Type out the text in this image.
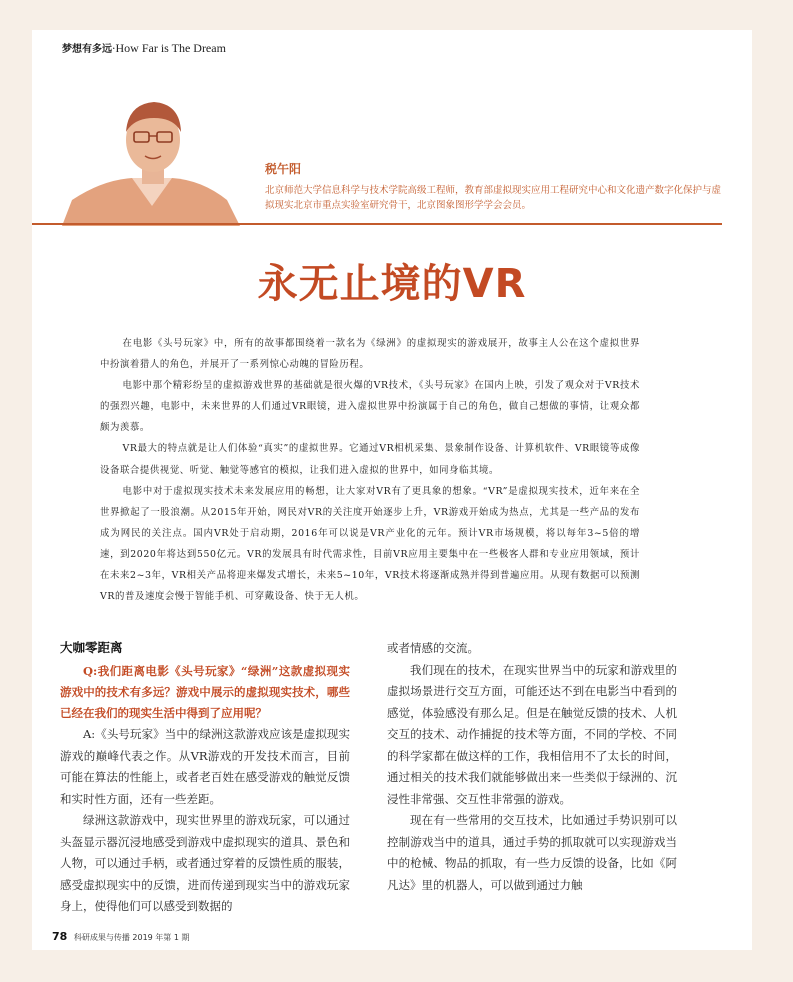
梦想有多远·How Far is The Dream

税午阳

北京师范大学信息科学与技术学院高级工程师，教育部虚拟现实应用工程研究中心和文化遗产数字化保护与虚拟现实北京市重点实验室研究骨干，北京图象图形学学会会员。

永无止境的VR

在电影《头号玩家》中，所有的故事都围绕着一款名为《绿洲》的虚拟现实的游戏展开，故事主人公在这个虚拟世界中扮演着猎人的角色，并展开了一系列惊心动魄的冒险历程。

电影中那个精彩纷呈的虚拟游戏世界的基础就是很火爆的VR技术，《头号玩家》在国内上映，引发了观众对于VR技术的强烈兴趣，电影中，未来世界的人们通过VR眼镜，进入虚拟世界中扮演属于自己的角色，做自己想做的事情，让观众都颇为羡慕。

VR最大的特点就是让人们体验“真实”的虚拟世界。它通过VR相机采集、景象制作设备、计算机软件、VR眼镜等成像设备联合提供视觉、听觉、触觉等感官的模拟，让我们进入虚拟的世界中，如同身临其境。

电影中对于虚拟现实技术未来发展应用的畅想，让大家对VR有了更具象的想象。“VR”是虚拟现实技术，近年来在全世界掀起了一股浪潮。从2015年开始，网民对VR的关注度开始逐步上升，VR游戏开始成为热点，尤其是一些产品的发布成为网民的关注点。国内VR处于启动期，2016年可以说是VR产业化的元年。预计VR市场规模，将以每年3~5倍的增速，到2020年将达到550亿元。VR的发展具有时代需求性，目前VR应用主要集中在一些极客人群和专业应用领域，预计在未来2~3年，VR相关产品将迎来爆发式增长，未来5~10年，VR技术将逐渐成熟并得到普遍应用。从现有数据可以预测VR的普及速度会慢于智能手机、可穿戴设备、快于无人机。

大咖零距离

Q:我们距离电影《头号玩家》“绿洲”这款虚拟现实游戏中的技术有多远？游戏中展示的虚拟现实技术，哪些已经在我们的现实生活中得到了应用呢？

A:《头号玩家》当中的绿洲这款游戏应该是虚拟现实游戏的巅峰代表之作。从VR游戏的开发技术而言，目前可能在算法的性能上，或者老百姓在感受游戏的触觉反馈和实时性方面，还有一些差距。

绿洲这款游戏中，现实世界里的游戏玩家，可以通过头盔显示器沉浸地感受到游戏中虚拟现实的道具、景色和人物，可以通过手柄，或者通过穿着的反馈性质的服装，感受虚拟现实中的反馈，进而传递到现实当中的游戏玩家身上，使得他们可以感受到数据的

或者情感的交流。

我们现在的技术，在现实世界当中的玩家和游戏里的虚拟场景进行交互方面，可能还达不到在电影当中看到的感觉，体验感没有那么足。但是在触觉反馈的技术、人机交互的技术、动作捕捉的技术等方面，不同的学校、不同的科学家都在做这样的工作，我相信用不了太长的时间，通过相关的技术我们就能够做出来一些类似于绿洲的、沉浸性非常强、交互性非常强的游戏。

现在有一些常用的交互技术，比如通过手势识别可以控制游戏当中的道具，通过手势的抓取就可以实现游戏当中的枪械、物品的抓取，有一些力反馈的设备，比如《阿凡达》里的机器人，可以做到通过力触

78 科研成果与传播 2019 年第 1 期
